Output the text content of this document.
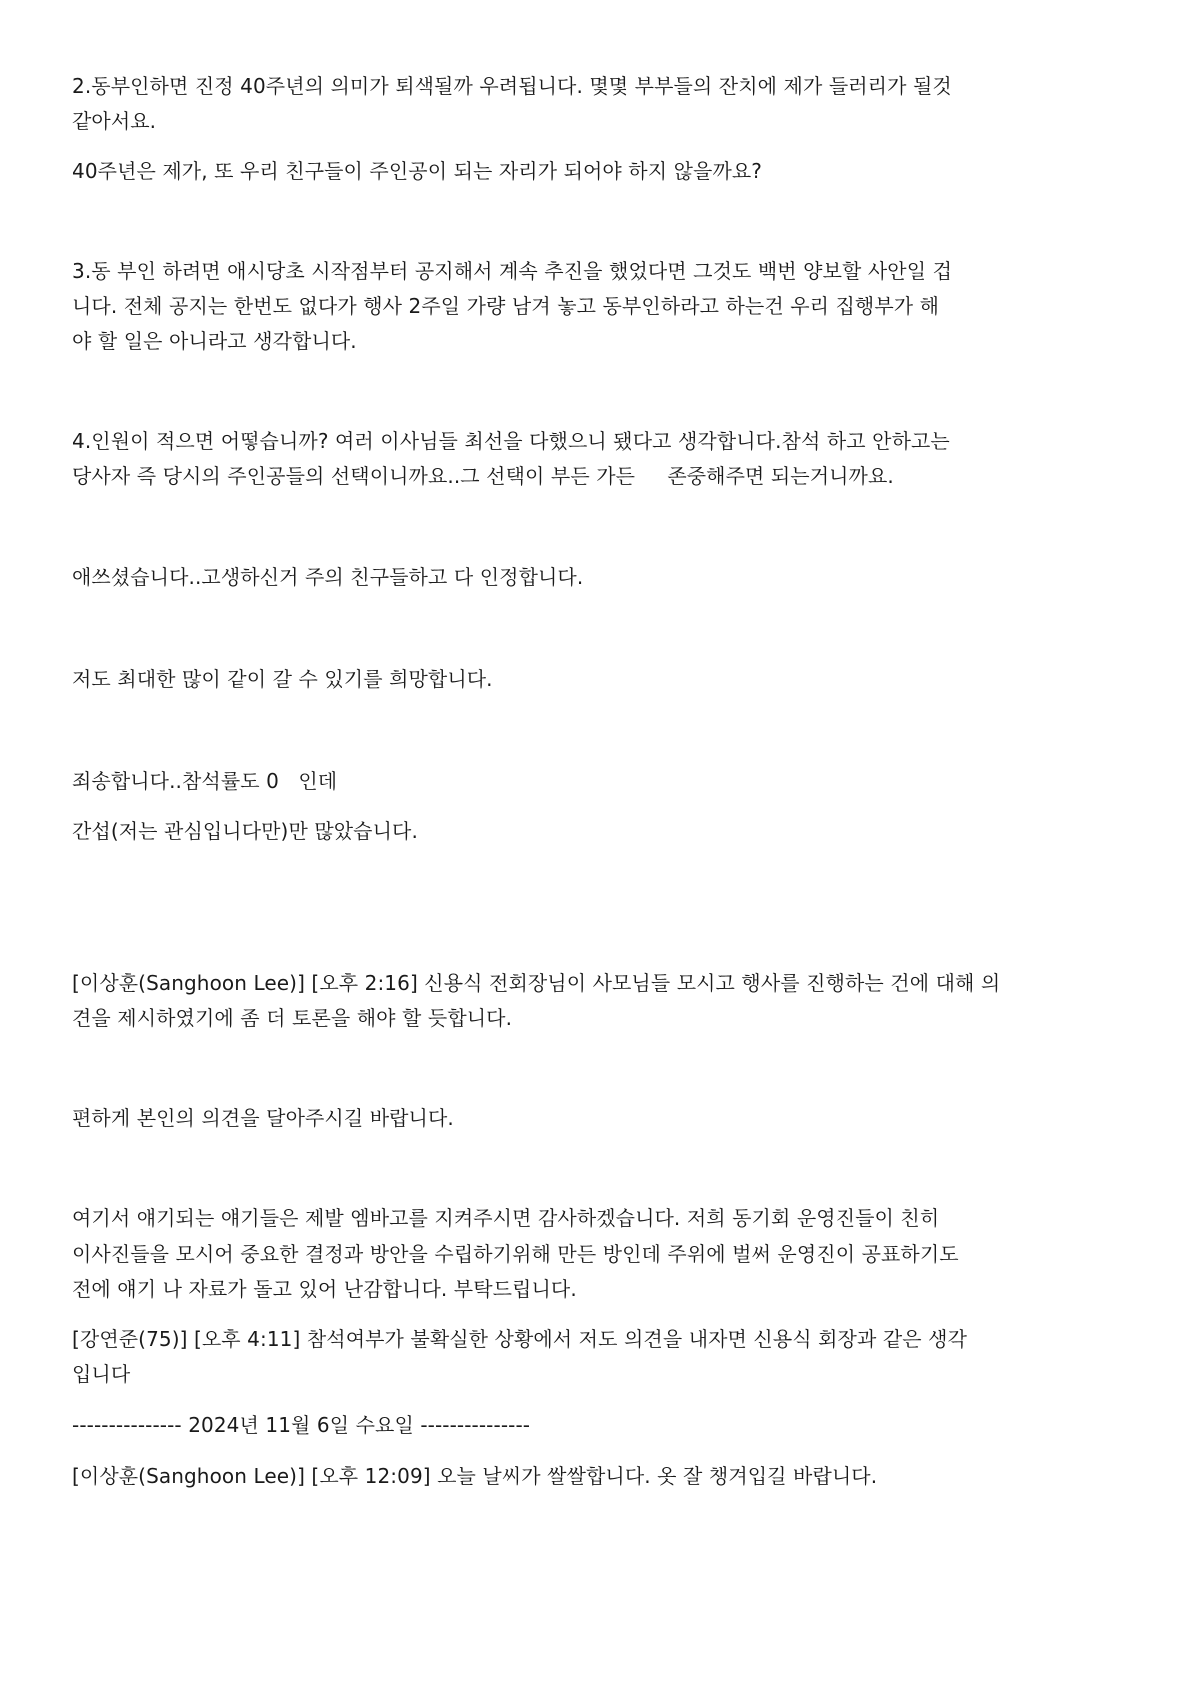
2.동부인하면 진정 40주년의 의미가 퇴색될까 우려됩니다. 몇몇 부부들의 잔치에 제가 들러리가 될것
같아서요.
40주년은 제가, 또 우리 친구들이 주인공이 되는 자리가 되어야 하지 않을까요?
3.동 부인 하려면 애시당초 시작점부터 공지해서 계속 추진을 했었다면 그것도 백번 양보할 사안일 겁
니다. 전체 공지는 한번도 없다가 행사 2주일 가량 남겨 놓고 동부인하라고 하는건 우리 집행부가 해
야 할 일은 아니라고 생각합니다.
4.인원이 적으면 어떻습니까? 여러 이사님들 최선을 다했으니 됐다고 생각합니다.참석 하고 안하고는
당사자 즉 당시의 주인공들의 선택이니까요..그 선택이 부든 가든     존중해주면 되는거니까요.
애쓰셨습니다..고생하신거 주의 친구들하고 다 인정합니다.
저도 최대한 많이 같이 갈 수 있기를 희망합니다.
죄송합니다..참석률도 0   인데
간섭(저는 관심입니다만)만 많았습니다.
[이상훈(Sanghoon Lee)] [오후 2:16] 신용식 전회장님이 사모님들 모시고 행사를 진행하는 건에 대해 의
견을 제시하였기에 좀 더 토론을 해야 할 듯합니다.
편하게 본인의 의견을 달아주시길 바랍니다.
여기서 얘기되는 얘기들은 제발 엠바고를 지켜주시면 감사하겠습니다. 저희 동기회 운영진들이 친히
이사진들을 모시어 중요한 결정과 방안을 수립하기위해 만든 방인데 주위에 벌써 운영진이 공표하기도
전에 얘기 나 자료가 돌고 있어 난감합니다. 부탁드립니다.
[강연준(75)] [오후 4:11] 참석여부가 불확실한 상황에서 저도 의견을 내자면 신용식 회장과 같은 생각
입니다
--------------- 2024년 11월 6일 수요일 ---------------
[이상훈(Sanghoon Lee)] [오후 12:09] 오늘 날씨가 쌀쌀합니다. 옷 잘 챙겨입길 바랍니다.
